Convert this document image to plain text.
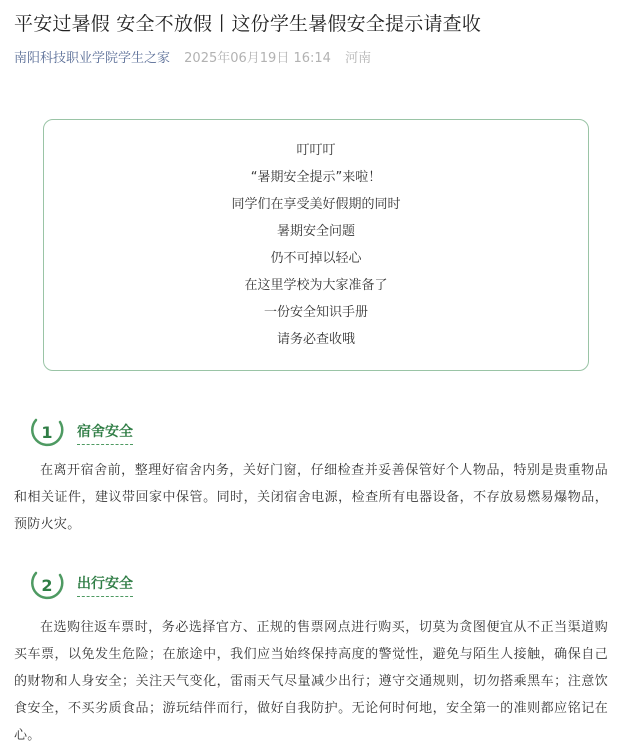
平安过暑假 安全不放假丨这份学生暑假安全提示请查收
南阳科技职业学院学生之家 2025年06月19日 16:14 河南
叮叮叮
“暑期安全提示”来啦！
同学们在享受美好假期的同时
暑期安全问题
仍不可掉以轻心
在这里学校为大家准备了
一份安全知识手册
请务必查收哦
1	宿舍安全
在离开宿舍前，整理好宿舍内务，关好门窗，仔细检查并妥善保管好个人物品，特别是贵重物品和相关证件，建议带回家中保管。同时，关闭宿舍电源，检查所有电器设备，不存放易燃易爆物品，预防火灾。
2	出行安全
在选购往返车票时，务必选择官方、正规的售票网点进行购买，切莫为贪图便宜从不正当渠道购买车票，以免发生危险；在旅途中，我们应当始终保持高度的警觉性，避免与陌生人接触，确保自己的财物和人身安全；关注天气变化，雷雨天气尽量减少出行；遵守交通规则，切勿搭乘黑车；注意饮食安全，不买劣质食品；游玩结伴而行，做好自我防护。无论何时何地，安全第一的准则都应铭记在心。
